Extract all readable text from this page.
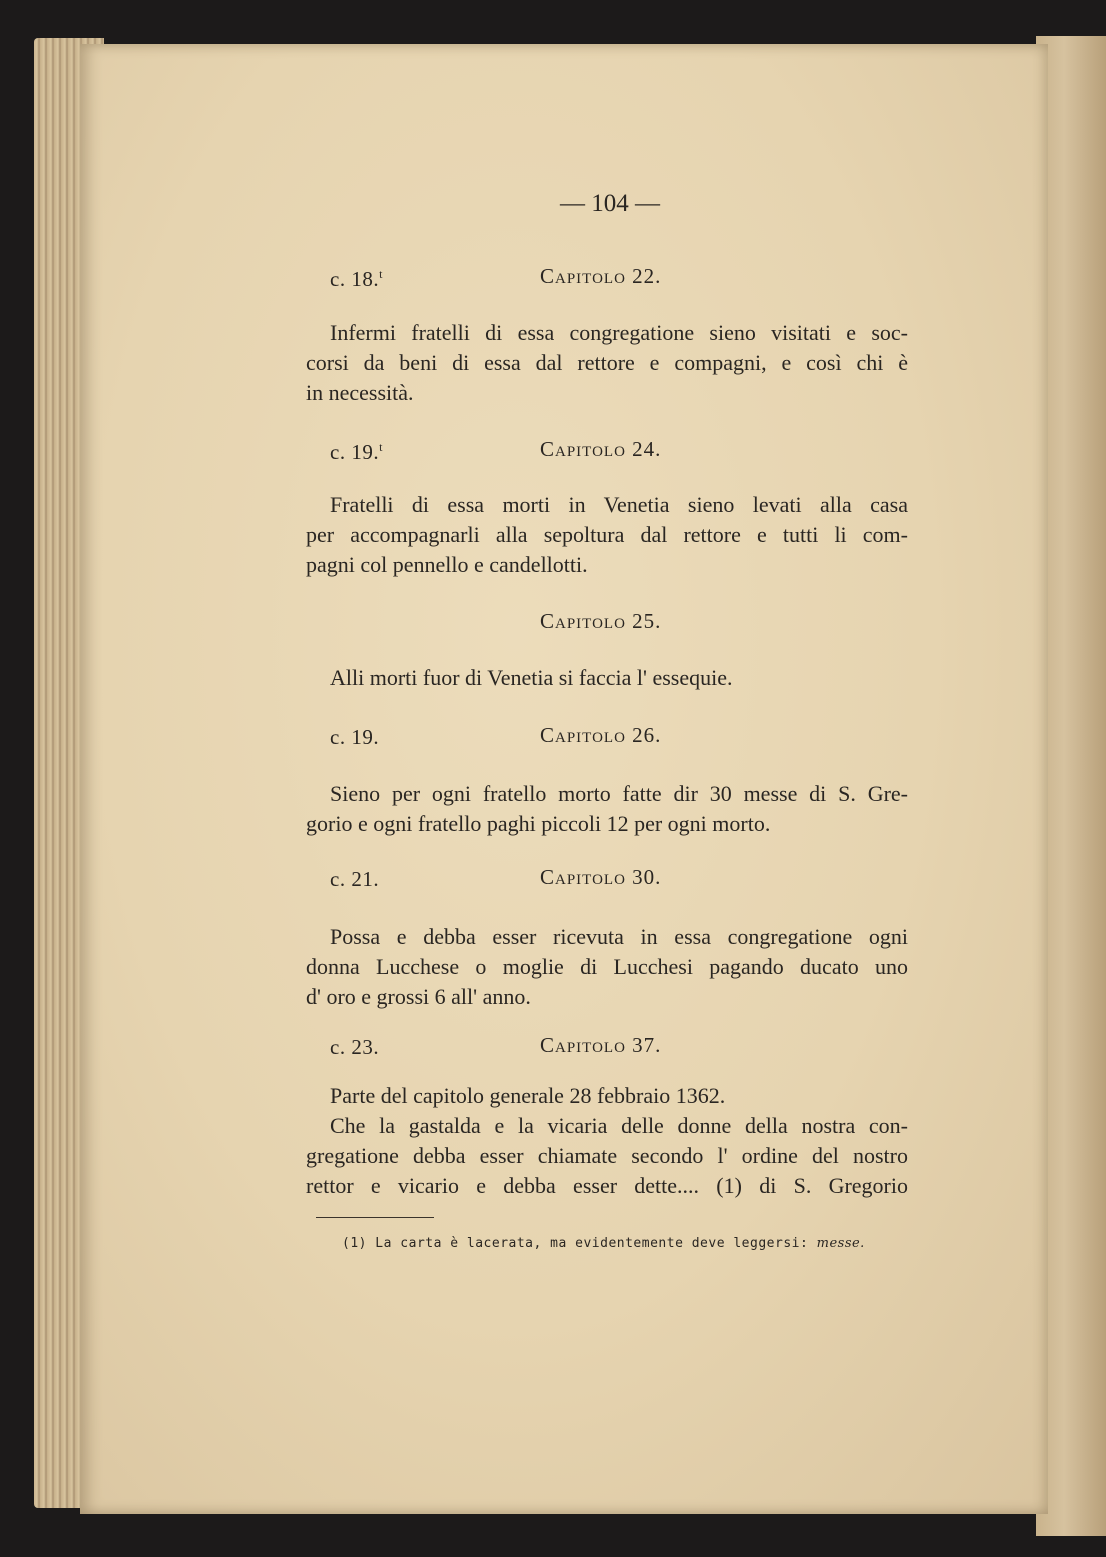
— 104 —
c. 18.$^t$	Capitolo 22.
Infermi fratelli di essa congregatione sieno visitati e soc-
corsi da beni di essa dal rettore e compagni, e così chi è
in necessità.
c. 19.$^t$	Capitolo 24.
Fratelli di essa morti in Venetia sieno levati alla casa
per accompagnarli alla sepoltura dal rettore e tutti li com-
pagni col pennello e candellotti.
Capitolo 25.
Alli morti fuor di Venetia si faccia l' essequie.
c. 19.	Capitolo 26.
Sieno per ogni fratello morto fatte dir 30 messe di S. Gre-
gorio e ogni fratello paghi piccoli 12 per ogni morto.
c. 21.	Capitolo 30.
Possa e debba esser ricevuta in essa congregatione ogni
donna Lucchese o moglie di Lucchesi pagando ducato uno
d' oro e grossi 6 all' anno.
c. 23.	Capitolo 37.
Parte del capitolo generale 28 febbraio 1362.
Che la gastalda e la vicaria delle donne della nostra con-
gregatione debba esser chiamate secondo l' ordine del nostro
rettor e vicario e debba esser dette.... (1) di S. Gregorio
(1) La carta è lacerata, ma evidentemente deve leggersi: messe.
